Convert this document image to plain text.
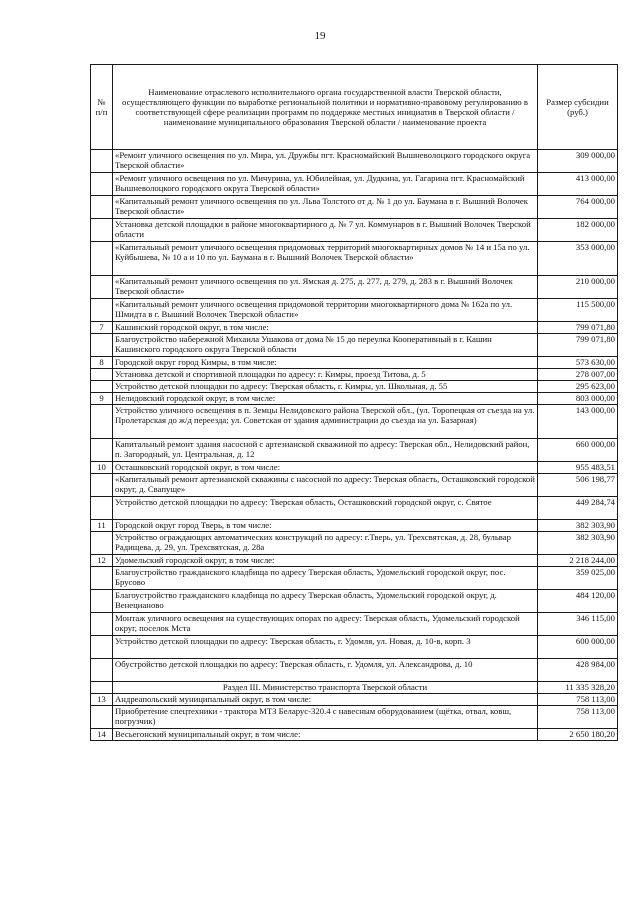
19
№ п/п	Наименование отраслевого исполнительного органа государственной власти Тверской области, осуществляющего функции по выработке региональной политики и нормативно-правовому регулированию в соответствующей сфере реализации программ по поддержке местных инициатив в Тверской области / наименование муниципального образования Тверской области / наименование проекта	Размер субсидии (руб.)
	«Ремонт уличного освещения по ул. Мира, ул. Дружбы пгт. Красномайский Вышневолоцкого городского округа Тверской области»	309 000,00
	«Ремонт уличного освещения по ул. Мичурина, ул. Юбилейная, ул. Дудкина, ул. Гагарина пгт. Красномайский Вышневолоцкого городского округа Тверской области»	413 000,00
	«Капитальный ремонт уличного освещения по ул. Льва Толстого от д. № 1 до ул. Баумана в г. Вышний Волочек Тверской области»	764 000,00
	Установка детской площадки в районе многоквартирного д. № 7 ул. Коммунаров в г. Вышний Волочек Тверской области	182 000,00
	«Капитальный ремонт уличного освещения придомовых территорий многоквартирных домов № 14 и 15а по ул. Куйбышева, № 10 а и 10 по ул. Баумана в г. Вышний Волочек Тверской области»	353 000,00
	«Капитальный ремонт уличного освещения по ул. Ямская д. 275, д. 277, д. 279, д. 283 в г. Вышний Волочек Тверской области»	210 000,00
	«Капитальный ремонт уличного освещения придомовой территории многоквартирного дома № 162а по ул. Шмидта в г. Вышний Волочек Тверской области»	115 500,00
7	Кашинский городской округ, в том числе:	799 071,80
	Благоустройство набережной Михаила Ушакова от дома № 15 до переулка Кооперативный в г. Кашин Кашинского городского округа Тверской области	799 071,80
8	Городской округ город Кимры, в том числе:	573 630,00
	Установка детской и спортивной площадки по адресу: г. Кимры, проезд Титова, д. 5	278 007,00
	Устройство детской площадки по адресу: Тверская область, г. Кимры, ул. Школьная, д. 55	295 623,00
9	Нелидовский городской округ, в том числе:	803 000,00
	Устройство уличного освещения в п. Земцы Нелидовского района Тверской обл., (ул. Торопецкая от съезда на ул. Пролетарская до ж/д переезда; ул. Советская от здания администрации до съезда на ул. Базарная)	143 000,00
	Капитальный ремонт здания насосной с артезианской скважиной по адресу: Тверская обл., Нелидовский район, п. Загородный, ул. Центральная, д. 12	660 000,00
10	Осташковский городской округ, в том числе:	955 483,51
	«Капитальный ремонт артезианской скважины с насосной по адресу: Тверская область, Осташковский городской округ, д. Свапуще»	506 198,77
	Устройство детской площадки по адресу: Тверская область, Осташковский городской округ, с. Святое	449 284,74
11	Городской округ город Тверь, в том числе:	382 303,90
	Устройство ограждающих автоматических конструкций по адресу: г.Тверь, ул. Трехсвятская, д. 28, бульвар Радищева, д. 29, ул. Трехсвятская, д. 28а	382 303,90
12	Удомельский городской округ, в том числе:	2 218 244,00
	Благоустройство гражданского кладбища по адресу Тверская область, Удомельский городской округ, пос. Брусово	359 025,00
	Благоустройство гражданского кладбища по адресу Тверская область, Удомельский городской округ, д. Венецианово	484 120,00
	Монтаж уличного освещения на существующих опорах по адресу: Тверская область, Удомельский городской округ, поселок Мста	346 115,00
	Устройство детской площадки по адресу: Тверская область, г. Удомля, ул. Новая, д. 10-в, корп. 3	600 000,00
	Обустройство детской площадки по адресу: Тверская область, г. Удомля, ул. Александрова, д. 10	428 984,00
	Раздел III. Министерство транспорта Тверской области	11 335 328,20
13	Андреапольский муниципальный округ, в том числе:	758 113,00
	Приобретение спецтехники - трактора МТЗ Беларус-320.4 с навесным оборудованием (щётка, отвал, ковш, погрузчик)	758 113,00
14	Весьегонский муниципальный округ, в том числе:	2 650 180,20
